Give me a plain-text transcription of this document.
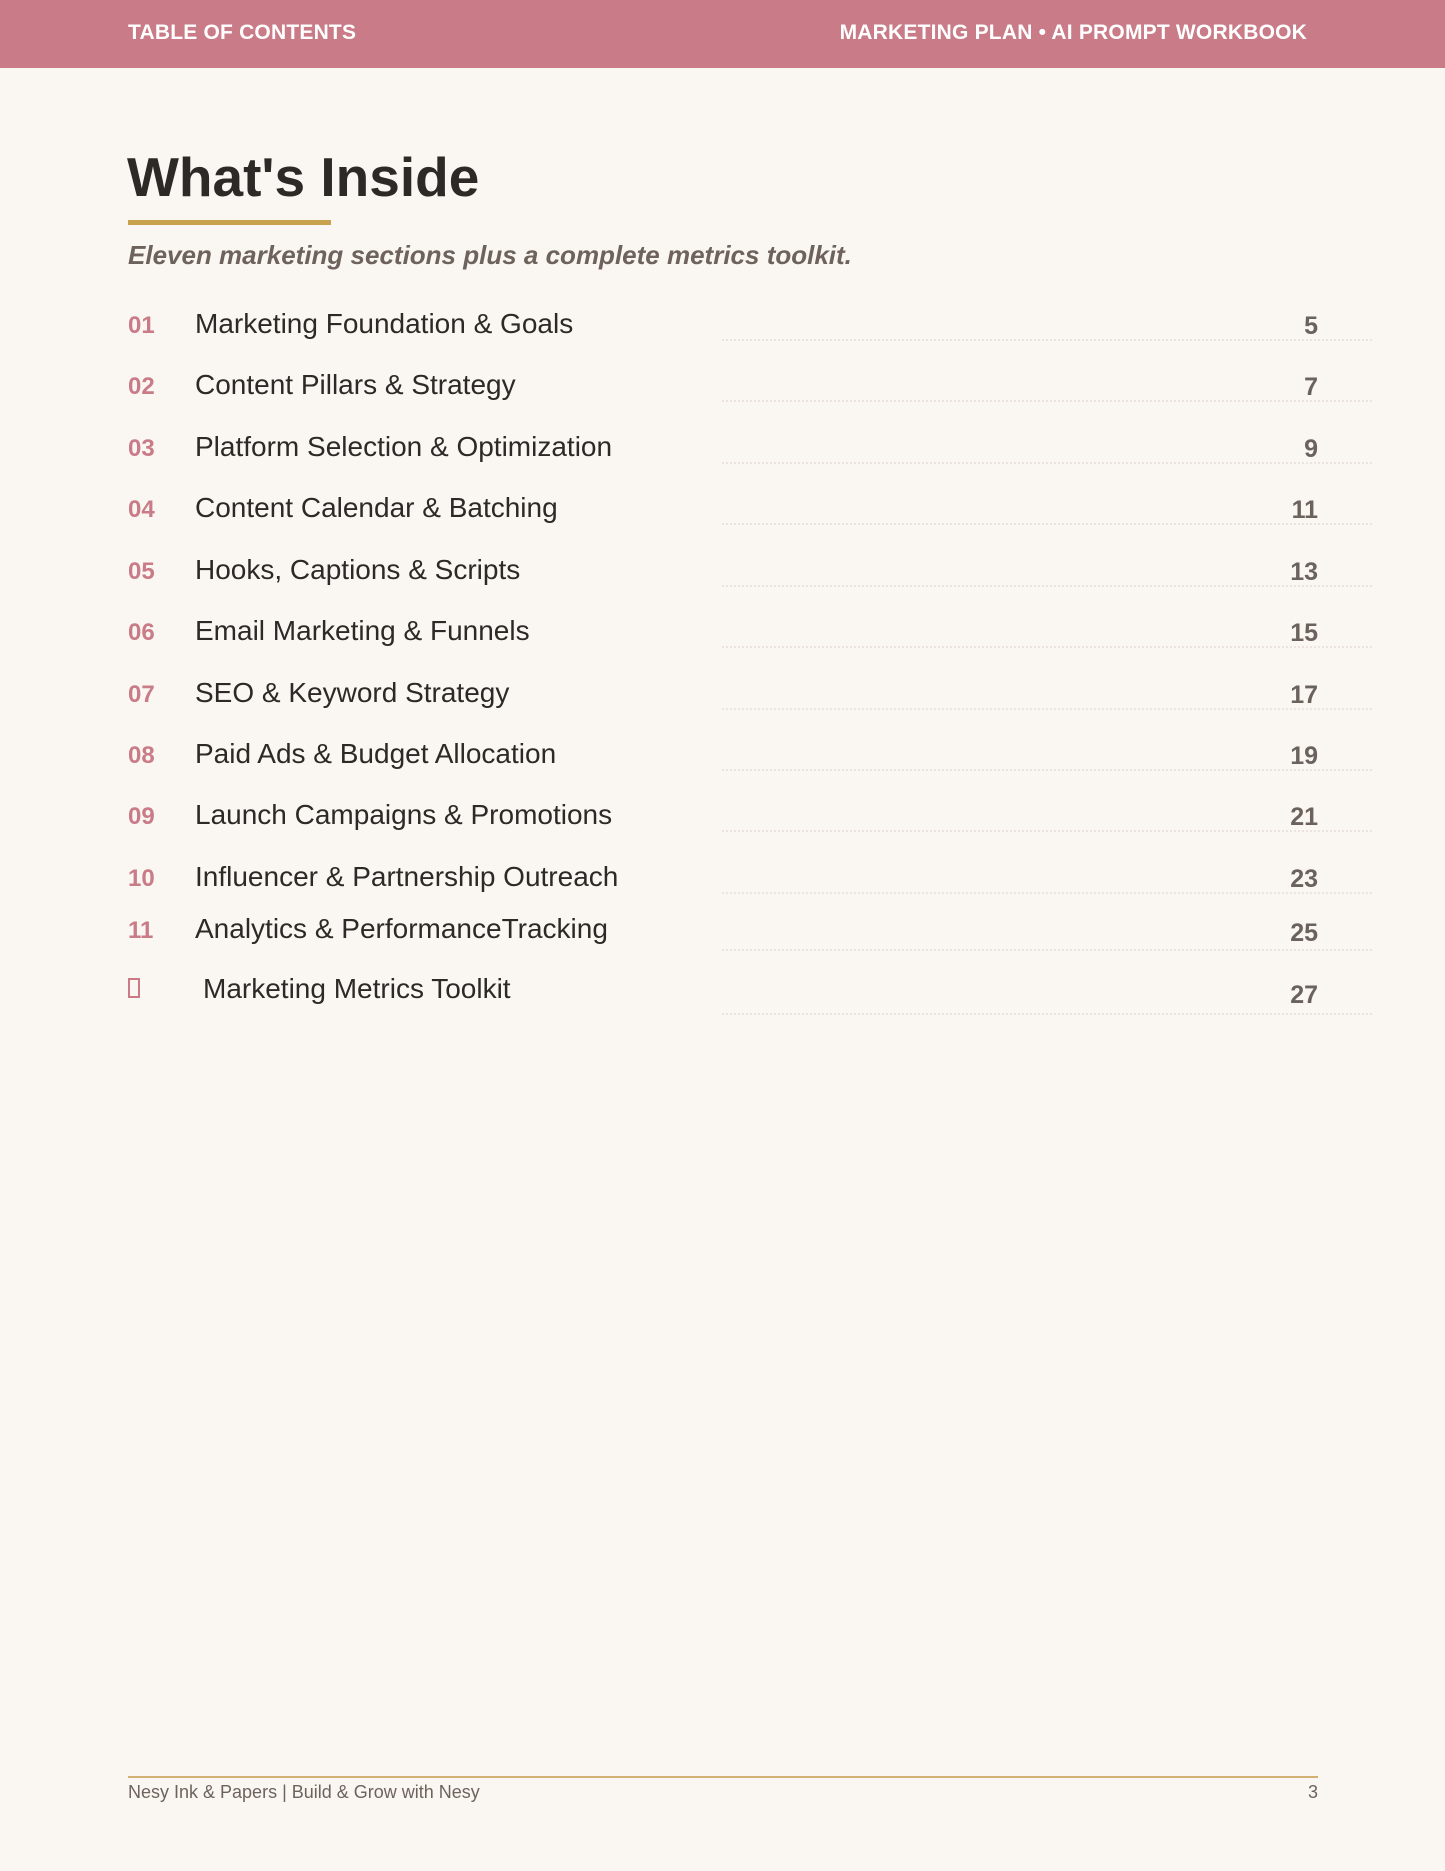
TABLE OF CONTENTS	MARKETING PLAN • AI PROMPT WORKBOOK
What's Inside
Eleven marketing sections plus a complete metrics toolkit.
01 Marketing Foundation & Goals	5
02 Content Pillars & Strategy	7
03 Platform Selection & Optimization	9
04 Content Calendar & Batching	11
05 Hooks, Captions & Scripts	13
06 Email Marketing & Funnels	15
07 SEO & Keyword Strategy	17
08 Paid Ads & Budget Allocation	19
09 Launch Campaigns & Promotions	21
10 Influencer & Partnership Outreach	23
11 Analytics & PerformanceTracking	25
Marketing Metrics Toolkit	27
Nesy Ink & Papers | Build & Grow with Nesy	3
